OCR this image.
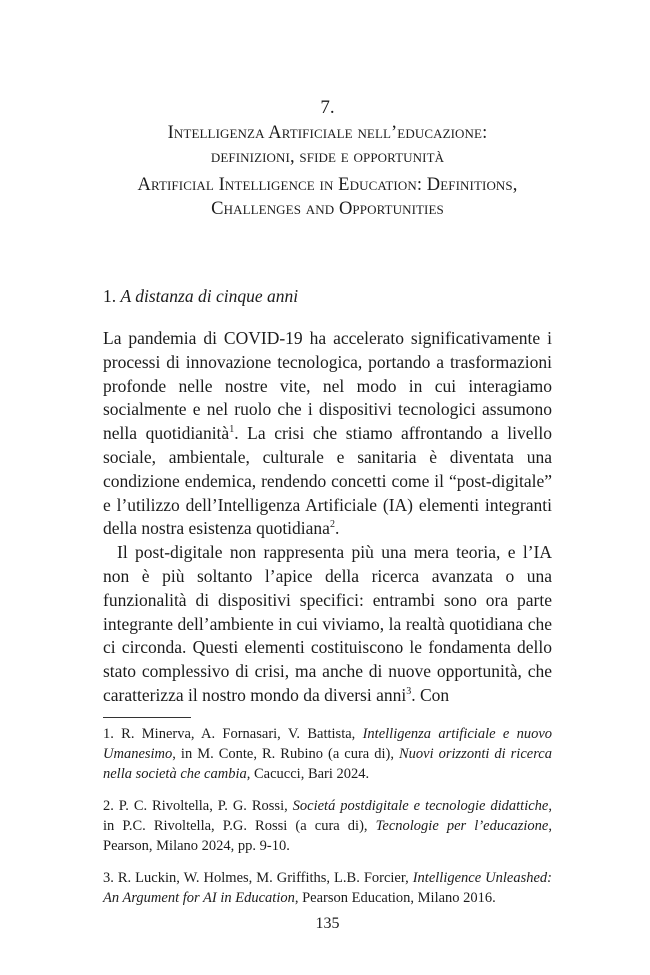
7.
Intelligenza Artificiale nell’educazione:
definizioni, sfide e opportunità
Artificial Intelligence in Education: Definitions,
Challenges and Opportunities
1. A distanza di cinque anni

La pandemia di COVID-19 ha accelerato significativamente i processi di innovazione tecnologica, portando a trasformazioni profonde nelle nostre vite, nel modo in cui interagiamo socialmente e nel ruolo che i dispositivi tecnologici assumono nella quotidianità$^1$. La crisi che stiamo affrontando a livello sociale, ambientale, culturale e sanitaria è diventata una condizione endemica, rendendo concetti come il “post-digitale” e l’utilizzo dell’Intelligenza Artificiale (IA) elementi integranti della nostra esistenza quotidiana$^2$.

Il post-digitale non rappresenta più una mera teoria, e l’IA non è più soltanto l’apice della ricerca avanzata o una funzionalità di dispositivi specifici: entrambi sono ora parte integrante dell’ambiente in cui viviamo, la realtà quotidiana che ci circonda. Questi elementi costituiscono le fondamenta dello stato complessivo di crisi, ma anche di nuove opportunità, che caratterizza il nostro mondo da diversi anni$^3$. Con

1. R. Minerva, A. Fornasari, V. Battista, Intelligenza artificiale e nuovo Umanesimo, in M. Conte, R. Rubino (a cura di), Nuovi orizzonti di ricerca nella società che cambia, Cacucci, Bari 2024.

2. P. C. Rivoltella, P. G. Rossi, Societá postdigitale e tecnologie didattiche, in P.C. Rivoltella, P.G. Rossi (a cura di), Tecnologie per l’educazione, Pearson, Milano 2024, pp. 9-10.

3. R. Luckin, W. Holmes, M. Griffiths, L.B. Forcier, Intelligence Unleashed: An Argument for AI in Education, Pearson Education, Milano 2016.

135
